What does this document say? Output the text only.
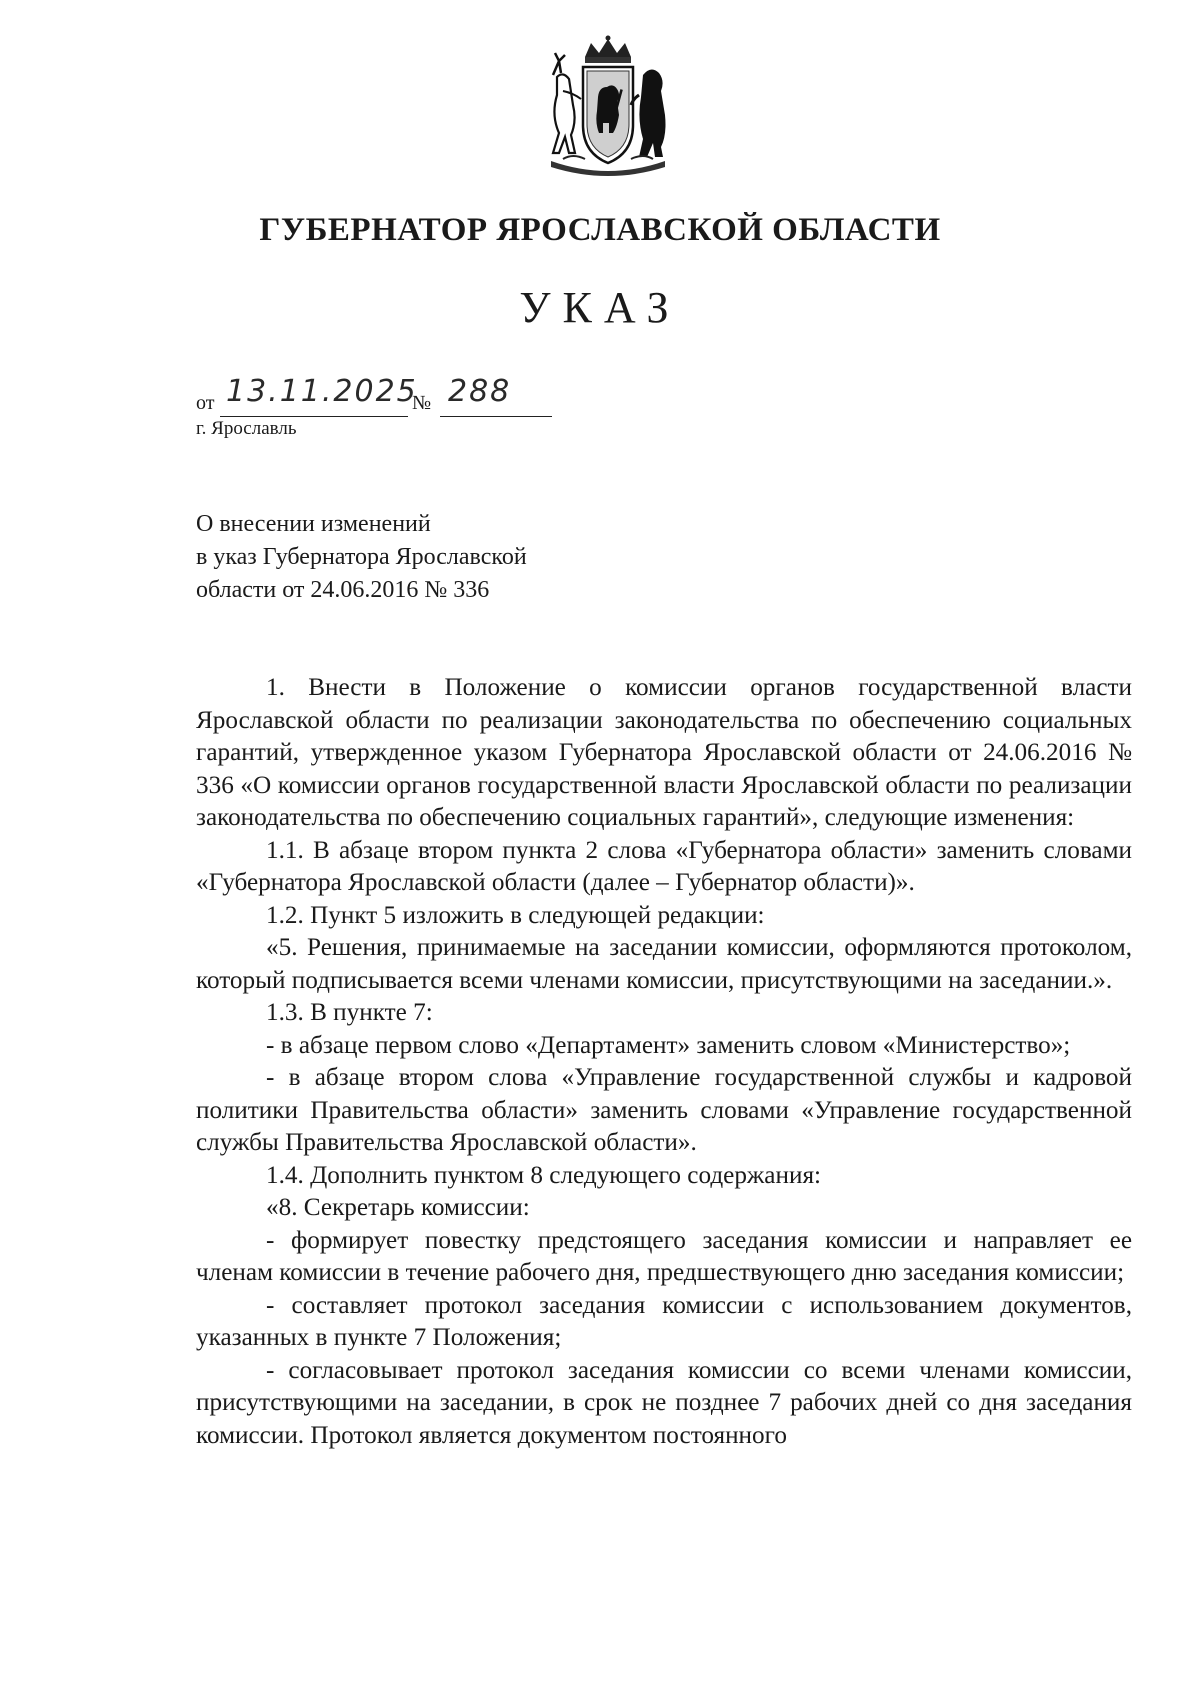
ГУБЕРНАТОР ЯРОСЛАВСКОЙ ОБЛАСТИ
УКАЗ
от 13.11.2025
№ 288
г. Ярославль
О внесении изменений
в указ Губернатора Ярославской
области от 24.06.2016 № 336

1. Внести в Положение о комиссии органов государственной власти Ярославской области по реализации законодательства по обеспечению социальных гарантий, утвержденное указом Губернатора Ярославской области от 24.06.2016 № 336 «О комиссии органов государственной власти Ярославской области по реализации законодательства по обеспечению социальных гарантий», следующие изменения:

1.1. В абзаце втором пункта 2 слова «Губернатора области» заменить словами «Губернатора Ярославской области (далее – Губернатор области)».

1.2. Пункт 5 изложить в следующей редакции:

«5. Решения, принимаемые на заседании комиссии, оформляются протоколом, который подписывается всеми членами комиссии, присутствующими на заседании.».

1.3. В пункте 7:

- в абзаце первом слово «Департамент» заменить словом «Министерство»;

- в абзаце втором слова «Управление государственной службы и кадровой политики Правительства области» заменить словами «Управление государственной службы Правительства Ярославской области».

1.4. Дополнить пунктом 8 следующего содержания:

«8. Секретарь комиссии:

- формирует повестку предстоящего заседания комиссии и направляет ее членам комиссии в течение рабочего дня, предшествующего дню заседания комиссии;

- составляет протокол заседания комиссии с использованием документов, указанных в пункте 7 Положения;

- согласовывает протокол заседания комиссии со всеми членами комиссии, присутствующими на заседании, в срок не позднее 7 рабочих дней со дня заседания комиссии. Протокол является документом постоянного
